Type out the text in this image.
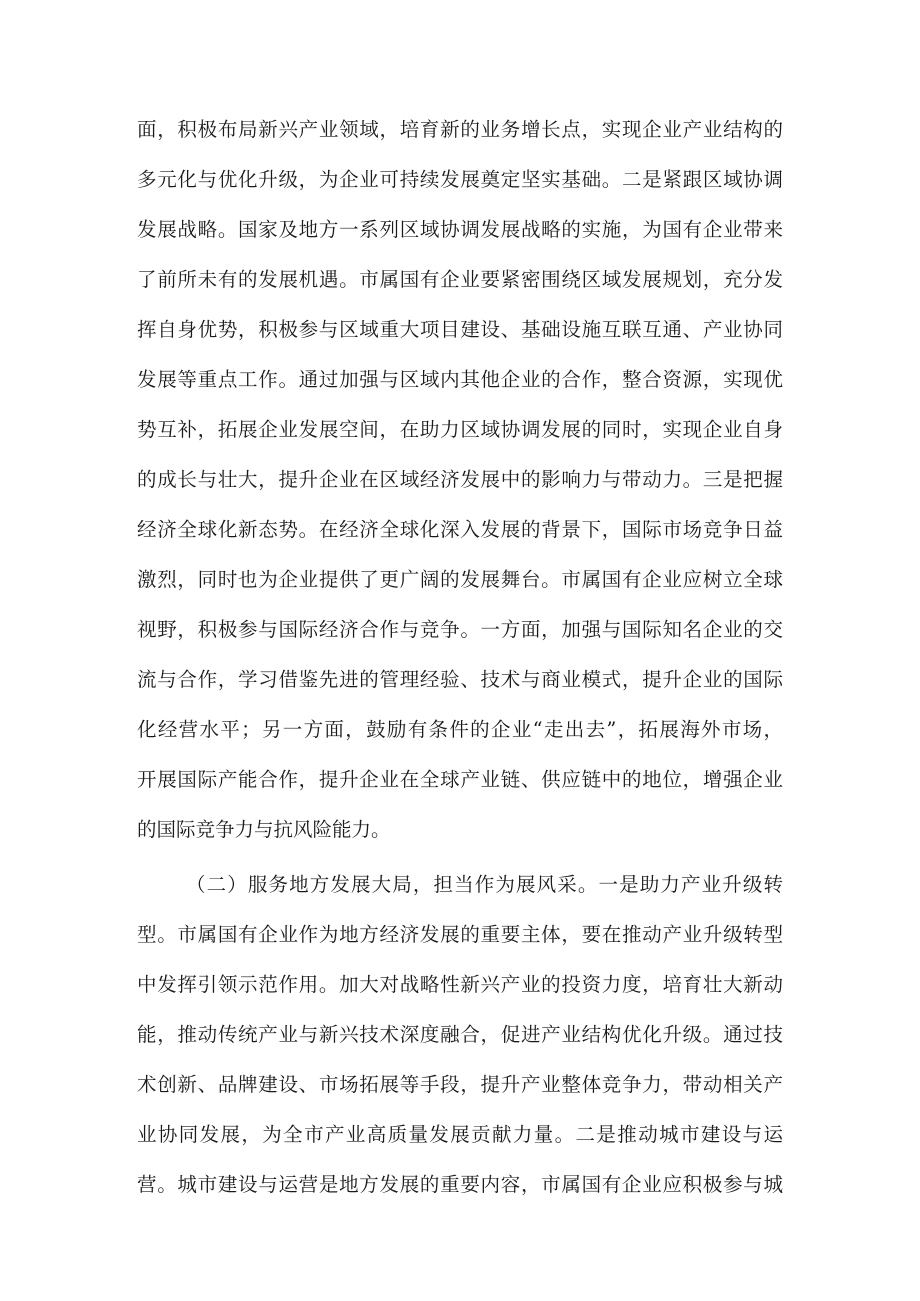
面，积极布局新兴产业领域，培育新的业务增长点，实现企业产业结构的
多元化与优化升级，为企业可持续发展奠定坚实基础。二是紧跟区域协调
发展战略。国家及地方一系列区域协调发展战略的实施，为国有企业带来
了前所未有的发展机遇。市属国有企业要紧密围绕区域发展规划，充分发
挥自身优势，积极参与区域重大项目建设、基础设施互联互通、产业协同
发展等重点工作。通过加强与区域内其他企业的合作，整合资源，实现优
势互补，拓展企业发展空间，在助力区域协调发展的同时，实现企业自身
的成长与壮大，提升企业在区域经济发展中的影响力与带动力。三是把握
经济全球化新态势。在经济全球化深入发展的背景下，国际市场竞争日益
激烈，同时也为企业提供了更广阔的发展舞台。市属国有企业应树立全球
视野，积极参与国际经济合作与竞争。一方面，加强与国际知名企业的交
流与合作，学习借鉴先进的管理经验、技术与商业模式，提升企业的国际
化经营水平；另一方面，鼓励有条件的企业“走出去”，拓展海外市场，
开展国际产能合作，提升企业在全球产业链、供应链中的地位，增强企业
的国际竞争力与抗风险能力。
（二）服务地方发展大局，担当作为展风采。一是助力产业升级转
型。市属国有企业作为地方经济发展的重要主体，要在推动产业升级转型
中发挥引领示范作用。加大对战略性新兴产业的投资力度，培育壮大新动
能，推动传统产业与新兴技术深度融合，促进产业结构优化升级。通过技
术创新、品牌建设、市场拓展等手段，提升产业整体竞争力，带动相关产
业协同发展，为全市产业高质量发展贡献力量。二是推动城市建设与运
营。城市建设与运营是地方发展的重要内容，市属国有企业应积极参与城
